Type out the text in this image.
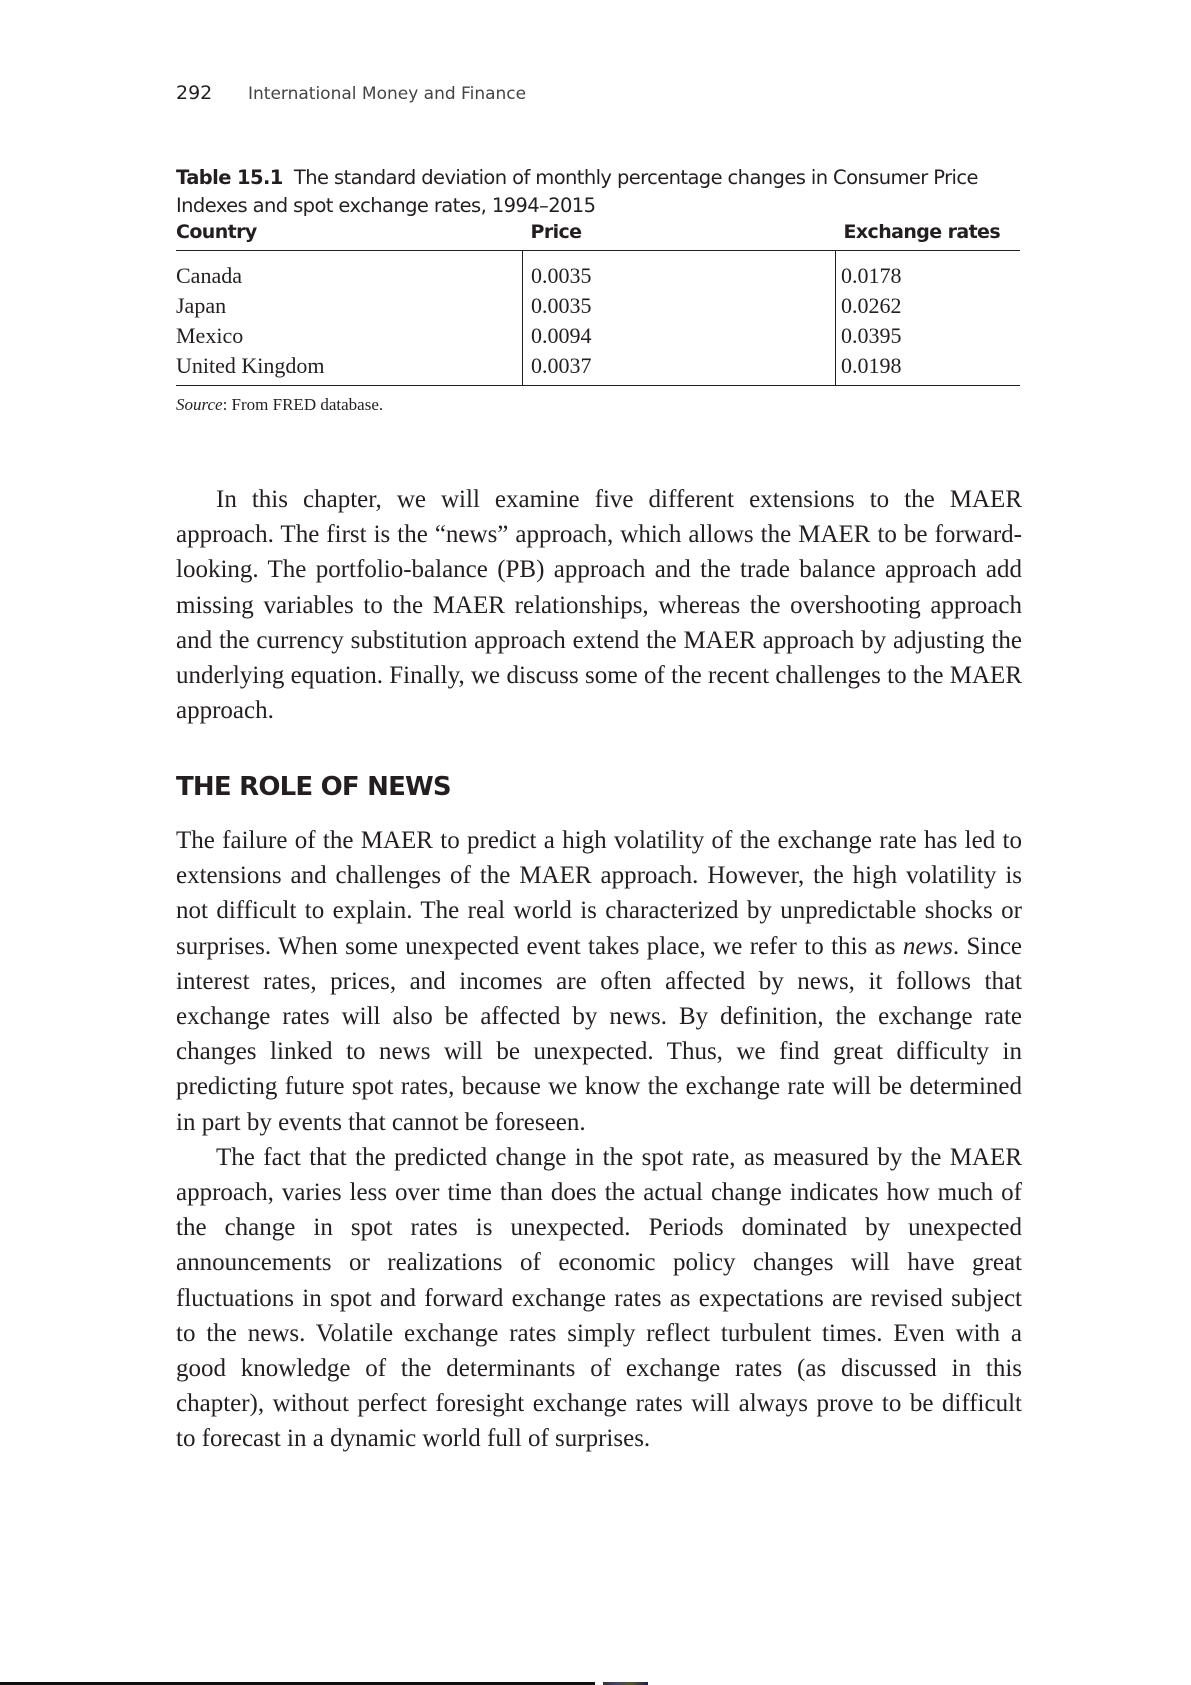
292 International Money and Finance
Table 15.1 The standard deviation of monthly percentage changes in Consumer Price Indexes and spot exchange rates, 1994–2015
Country	Price	Exchange rates
Canada	0.0035	0.0178
Japan	0.0035	0.0262
Mexico	0.0094	0.0395
United Kingdom	0.0037	0.0198
Source: From FRED database.

In this chapter, we will examine five different extensions to the MAER approach. The first is the “news” approach, which allows the MAER to be forward-looking. The portfolio-balance (PB) approach and the trade balance approach add missing variables to the MAER relationships, whereas the overshooting approach and the currency substitution approach extend the MAER approach by adjusting the underlying equation. Finally, we discuss some of the recent challenges to the MAER approach.

THE ROLE OF NEWS

The failure of the MAER to predict a high volatility of the exchange rate has led to extensions and challenges of the MAER approach. However, the high volatility is not difficult to explain. The real world is characterized by unpredictable shocks or surprises. When some unexpected event takes place, we refer to this as news. Since interest rates, prices, and incomes are often affected by news, it follows that exchange rates will also be affected by news. By definition, the exchange rate changes linked to news will be unexpected. Thus, we find great difficulty in predicting future spot rates, because we know the exchange rate will be determined in part by events that cannot be foreseen.

The fact that the predicted change in the spot rate, as measured by the MAER approach, varies less over time than does the actual change indicates how much of the change in spot rates is unexpected. Periods dominated by unexpected announcements or realizations of economic policy changes will have great fluctuations in spot and forward exchange rates as expectations are revised subject to the news. Volatile exchange rates simply reflect turbulent times. Even with a good knowledge of the determinants of exchange rates (as discussed in this chapter), without perfect foresight exchange rates will always prove to be difficult to forecast in a dynamic world full of surprises.
